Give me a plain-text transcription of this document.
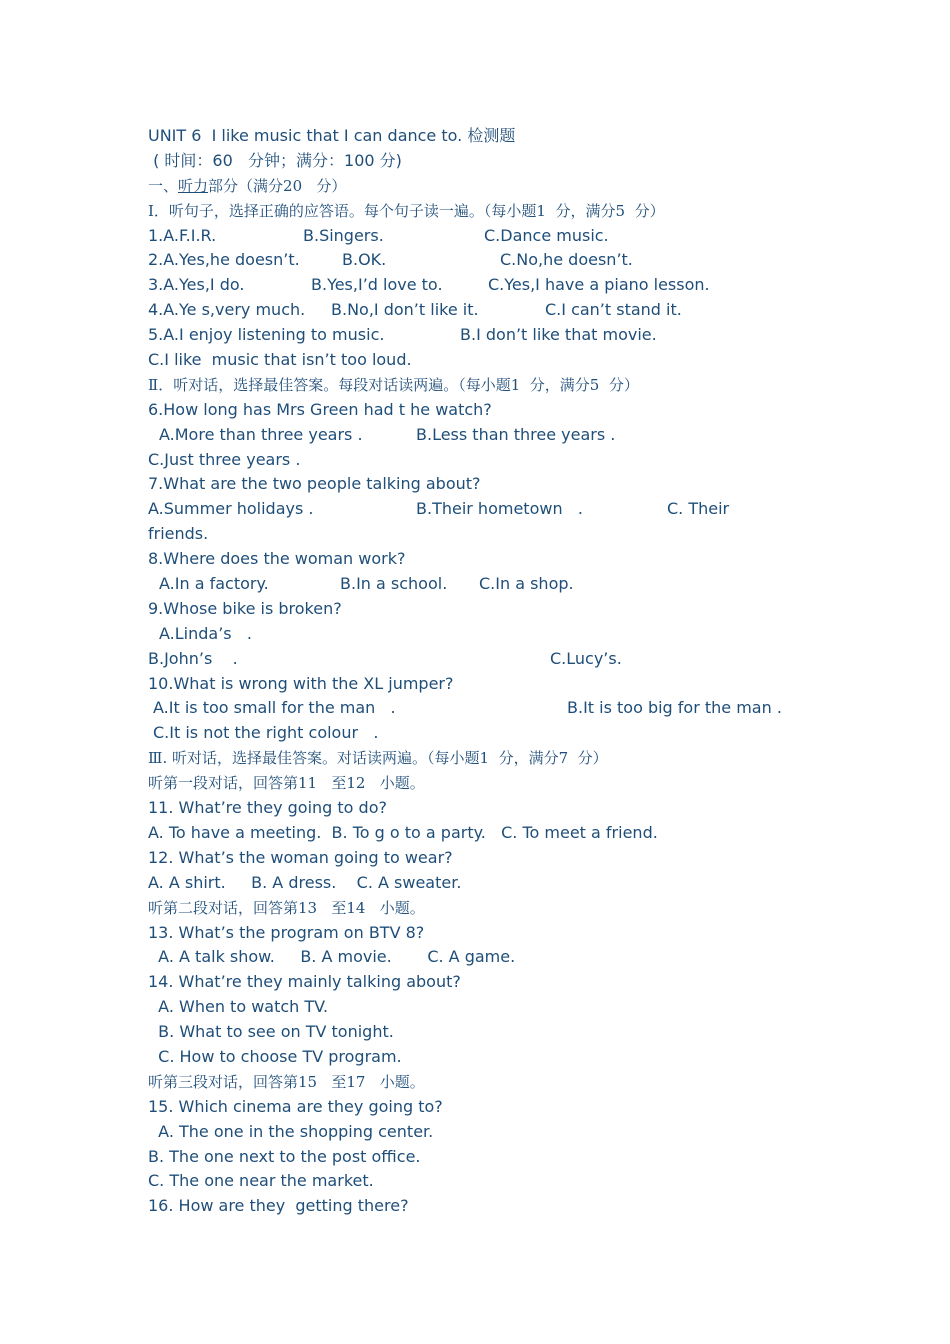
UNIT 6  I like music that I can dance to. 检测题
( 时间：60   分钟；满分：100 分)
一、听力部分（满分20   分）
Ⅰ．听句子，选择正确的应答语。每个句子读一遍。（每小题1  分，满分5  分）

1.A.F.I.R.

	B.Singers.

	C.Dance music.

2.A.Yes,he doesn’t.

	B.OK.

	C.No,he doesn’t.

3.A.Yes,I do.

	B.Yes,I’d love to.

	C.Yes,I have a piano lesson.

4.A.Ye s,very much.

B.No,I don’t like it.

	C.I can’t stand it.

5.A.I enjoy listening to music.

	B.I don’t like that movie.

C.I like  music that isn’t too loud.
Ⅱ．听对话，选择最佳答案。每段对话读两遍。（每小题1  分，满分5  分）
6.How long has Mrs Green had t he watch?

A.More than three years .

	B.Less than three years .

C.Just three years .
7.What are the two people talking about?

A.Summer holidays .

	B.Their hometown   .

	C. Their

friends.
8.Where does the woman work?

A.In a factory.

	B.In a school.

C.In a shop.

9.Whose bike is broken?

A.Linda’s   .

B.John’s    .

	C.Lucy’s.

10.What is wrong with the XL jumper?

A.It is too small for the man   .

	B.It is too big for the man .

C.It is not the right colour   .

Ⅲ. 听对话，选择最佳答案。对话读两遍。（每小题1  分，满分7  分）
听第一段对话，回答第11   至12   小题。
11. What’re they going to do?
A. To have a meeting.  B. To g o to a party.   C. To meet a friend.
12. What’s the woman going to wear?
A. A shirt.     B. A dress.    C. A sweater.
听第二段对话，回答第13   至14   小题。
13. What’s the program on BTV 8?
A. A talk show.     B. A movie.       C. A game.
14. What’re they mainly talking about?
A. When to watch TV.
B. What to see on TV tonight.
C. How to choose TV program.
听第三段对话，回答第15   至17   小题。
15. Which cinema are they going to?
A. The one in the shopping center.
B. The one next to the post office.
C. The one near the market.
16. How are they  getting there?
